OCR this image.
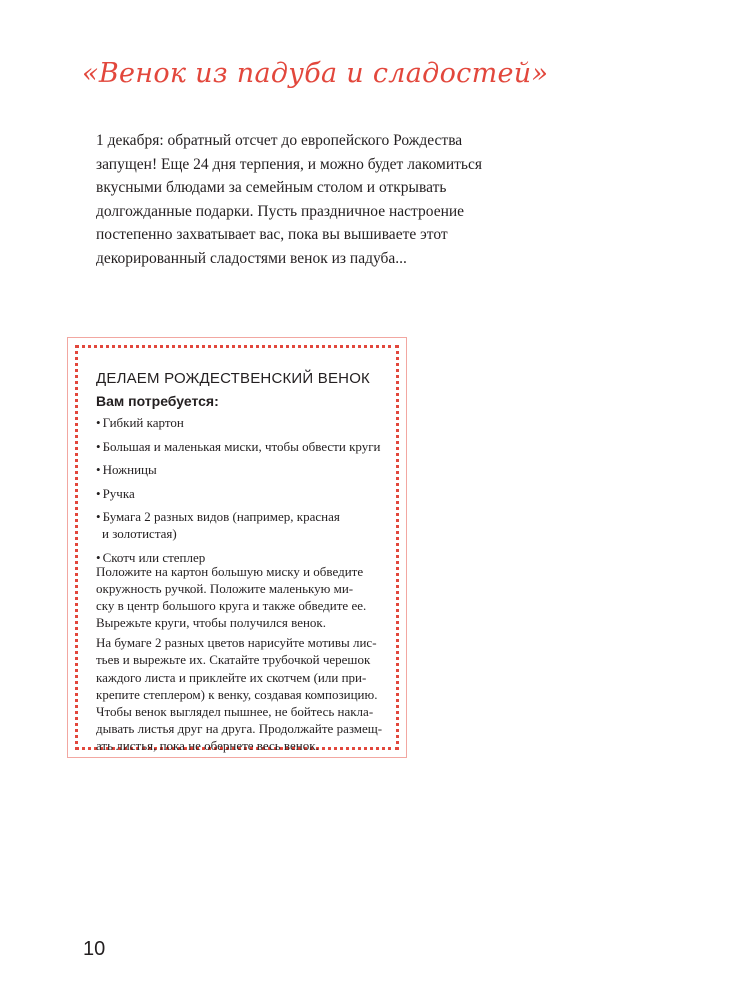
«Венок из падуба и сладостей»
1 декабря: обратный отсчет до европейского Рождества
запущен! Еще 24 дня терпения, и можно будет лакомиться
вкусными блюдами за семейным столом и открывать
долгожданные подарки. Пусть праздничное настроение
постепенно захватывает вас, пока вы вышиваете этот
декорированный сладостями венок из падуба...
ДЕЛАЕМ РОЖДЕСТВЕНСКИЙ ВЕНОК

Вам потребуется:

• Гибкий картон
• Большая и маленькая миски, чтобы обвести круги
• Ножницы
• Ручка
• Бумага 2 разных видов (например, красная
и золотистая)
• Скотч или степлер

Положите на картон большую миску и обведите
окружность ручкой. Положите маленькую ми-
ску в центр большого круга и также обведите ее.
Вырежьте круги, чтобы получился венок.

На бумаге 2 разных цветов нарисуйте мотивы лис-
тьев и вырежьте их. Скатайте трубочкой черешок
каждого листа и приклейте их скотчем (или при-
крепите степлером) к венку, создавая композицию.
Чтобы венок выглядел пышнее, не бойтесь накла-
дывать листья друг на друга. Продолжайте размещ-
ать листья, пока не обернете весь венок.

10
